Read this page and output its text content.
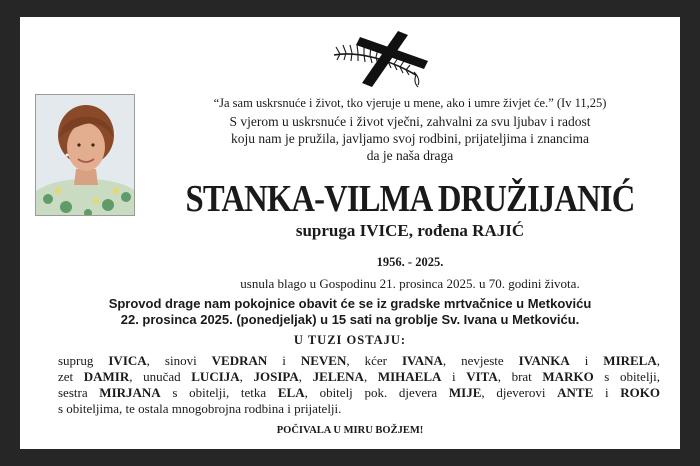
“Ja sam uskrsnuće i život, tko vjeruje u mene, ako i umre živjet će.” (Iv 11,25)
S vjerom u uskrsnuće i život vječni, zahvalni za svu ljubav i radost
koju nam je pružila, javljamo svoj rodbini, prijateljima i znancima
da je naša draga
STANKA-VILMA DRUŽIJANIĆ
supruga IVICE, rođena RAJIĆ
1956. - 2025.
usnula blago u Gospodinu 21. prosinca 2025. u 70. godini života.
Sprovod drage nam pokojnice obavit će se iz gradske mrtvačnice u Metkoviću
22. prosinca 2025. (ponedjeljak) u 15 sati na groblje Sv. Ivana u Metkoviću.
U TUZI OSTAJU:
suprug IVICA, sinovi VEDRAN i NEVEN, kćer IVANA, nevjeste IVANKA i MIRELA,
zet DAMIR, unučad LUCIJA, JOSIPA, JELENA, MIHAELA i VITA, brat MARKO s obitelji,
sestra MIRJANA s obitelji, tetka ELA, obitelj pok. djevera MIJE, djeverovi ANTE i ROKO
s obiteljima, te ostala mnogobrojna rodbina i prijatelji.
POČIVALA U MIRU BOŽJEM!
